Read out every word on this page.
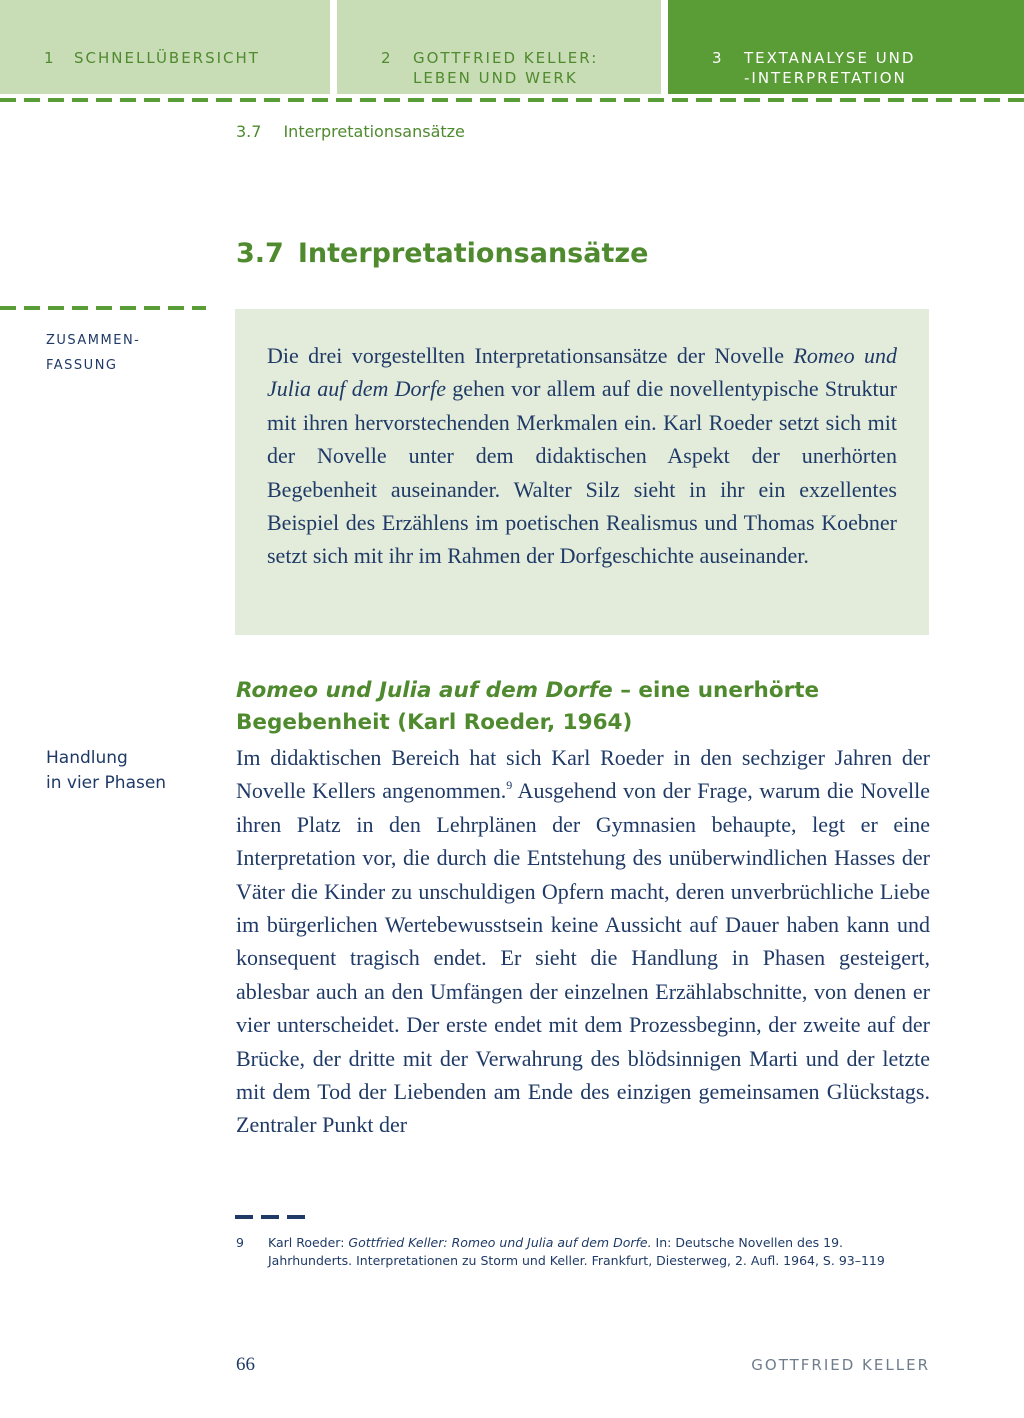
1 SCHNELLÜBERSICHT	2 GOTTFRIED KELLER:
LEBEN UND WERK
3 TEXTANALYSE UND
-INTERPRETATION
3.7 Interpretationsansätze
3.7 Interpretationsansätze
ZUSAMMEN-
FASSUNG	Die drei vorgestellten Interpretationsansätze der Novelle Romeo und Julia auf dem Dorfe gehen vor allem auf die novellentypische Struktur mit ihren hervorstechenden Merkmalen ein. Karl Roeder setzt sich mit der Novelle unter dem didaktischen Aspekt der unerhörten Begebenheit auseinander. Walter Silz sieht in ihr ein exzellentes Beispiel des Erzählens im poetischen Realismus und Thomas Koebner setzt sich mit ihr im Rahmen der Dorfgeschichte auseinander.

Romeo und Julia auf dem Dorfe – eine unerhörte Begebenheit (Karl Roeder, 1964)
Handlung
in vier Phasen

Im didaktischen Bereich hat sich Karl Roeder in den sechziger Jahren der Novelle Kellers angenommen.$^9$ Ausgehend von der Frage, warum die Novelle ihren Platz in den Lehrplänen der Gymnasien behaupte, legt er eine Interpretation vor, die durch die Entstehung des unüberwindlichen Hasses der Väter die Kinder zu unschuldigen Opfern macht, deren unverbrüchliche Liebe im bürgerlichen Wertebewusstsein keine Aussicht auf Dauer haben kann und konsequent tragisch endet. Er sieht die Handlung in Phasen gesteigert, ablesbar auch an den Umfängen der einzelnen Erzählabschnitte, von denen er vier unterscheidet. Der erste endet mit dem Prozessbeginn, der zweite auf der Brücke, der dritte mit der Verwahrung des blödsinnigen Marti und der letzte mit dem Tod der Liebenden am Ende des einzigen gemeinsamen Glückstags. Zentraler Punkt der

9 Karl Roeder: Gottfried Keller: Romeo und Julia auf dem Dorfe. In: Deutsche Novellen des 19. Jahrhunderts. Interpretationen zu Storm und Keller. Frankfurt, Diesterweg, 2. Aufl. 1964, S. 93–119
66	GOTTFRIED KELLER
